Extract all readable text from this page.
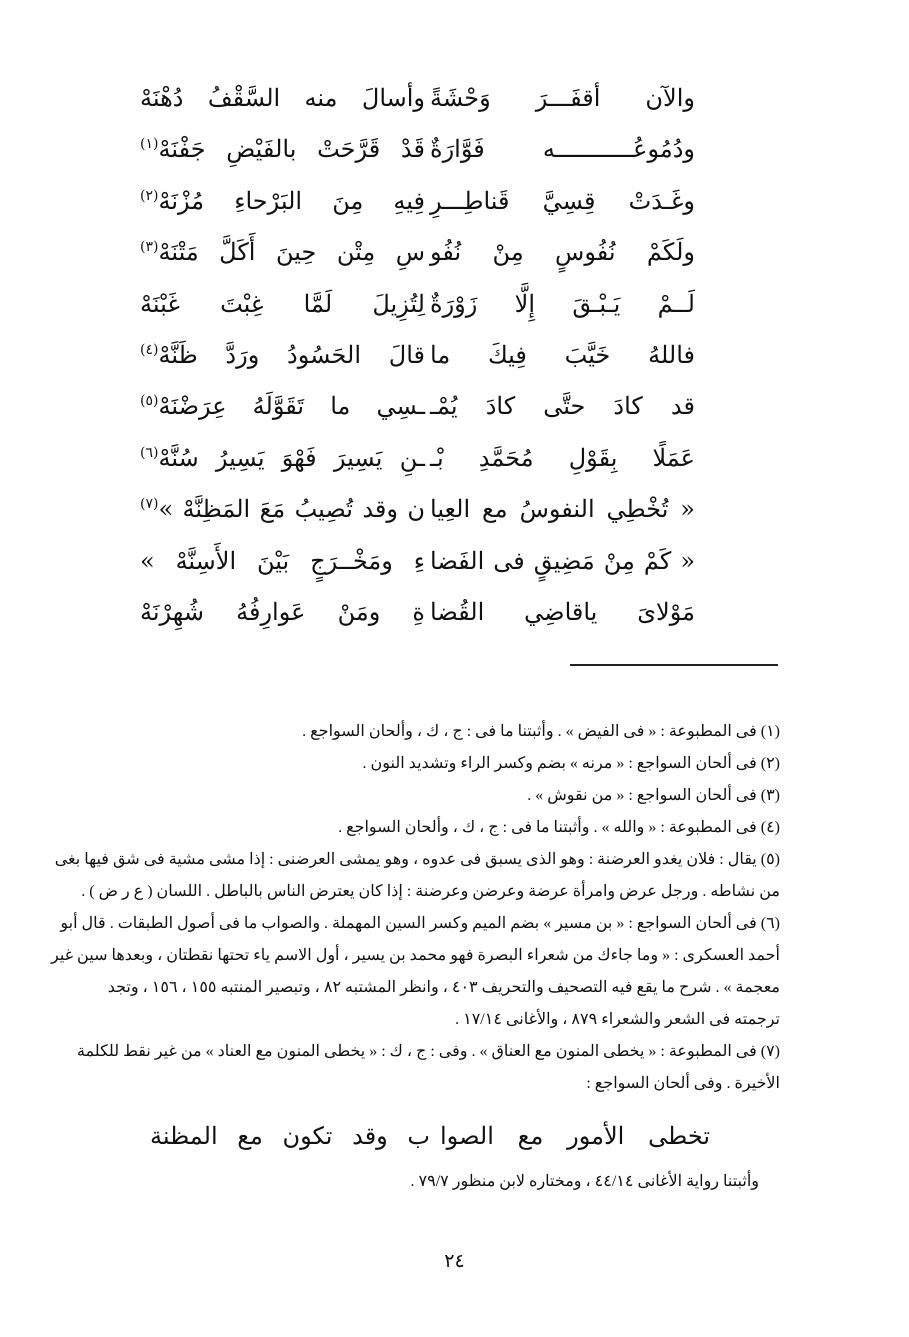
والآن أقفَـــرَ وَحْشَةً
وأسالَ منه السَّقْفُ دُهْنَهْ
ودُمُوعُـــــــــــه فَوَّارَةٌ
قَدْ قَرَّحَتْ بالفَيْضِ جَفْنَهْ$^{(١)}$
وغَـدَتْ قِسِيَّ قَناطِـــرِ
فِيهِ مِنَ البَرْحاءِ مُزْنَهْ$^{(٢)}$
ولَكَمْ نُفُوسٍ مِنْ نُفُو
سِ مِتْن حِينَ أَكَلَّ مَتْنَهْ$^{(٣)}$
لَــمْ يَـبْـقَ إِلَّا زَوْرَةٌ
لِتُزِيلَ لَمَّا غِبْتَ غَبْنَهْ
فاللهُ خَيَّبَ فِيكَ ما
قالَ الحَسُودُ ورَدَّ ظَنَّهْ$^{(٤)}$
قد كادَ حتَّى كادَ يُمْـ
ـسِي ما تَقَوَّلَهُ عِرَضْنَهْ$^{(٥)}$
عَمَلًا بِقَوْلِ مُحَمَّدِ بْـ
ـنِ يَسِيرَ فَهْوَ يَسِيرُ سُنَّهْ$^{(٦)}$
« تُخْطِي النفوسُ مع العِيا
ن وقد تُصِيبُ مَعَ المَظِنَّهْ »$^{(٧)}$
« كَمْ مِنْ مَضِيقٍ فى الفَضا
ءِ ومَخْــرَجٍ بَيْنَ الأَسِنَّهْ »
مَوْلاىَ ياقاضِي القُضا
ةِ ومَنْ عَوارِفُهُ شُهِرْنَهْ
(١) فى المطبوعة : « فى الفيض » . وأثبتنا ما فى : ج ، ك ، وألحان السواجع .
(٢) فى ألحان السواجع : « مرنه » بضم وكسر الراء وتشديد النون .
(٣) فى ألحان السواجع : « من نقوش » .
(٤) فى المطبوعة : « والله » . وأثبتنا ما فى : ج ، ك ، وألحان السواجع .
(٥) يقال : فلان يغدو العرضنة : وهو الذى يسبق فى عدوه ، وهو يمشى العرضنى : إذا مشى مشية فى شق فيها بغى
من نشاطه . ورجل عرض وامرأة عرضة وعرضن وعرضنة : إذا كان يعترض الناس بالباطل . اللسان ( ع ر ض ) .
(٦) فى ألحان السواجع : « بن مسير » بضم الميم وكسر السين المهملة . والصواب ما فى أصول الطبقات . قال أبو
أحمد العسكرى : « وما جاءك من شعراء البصرة فهو محمد بن يسير ، أول الاسم ياء تحتها نقطتان ، وبعدها سين غير
معجمة » . شرح ما يقع فيه التصحيف والتحريف ٤٠٣ ، وانظر المشتبه ٨٢ ، وتبصير المنتبه ١٥٥ ، ١٥٦ ، وتجد
ترجمته فى الشعر والشعراء ٨٧٩ ، والأغانى ١٧/١٤ .
(٧) فى المطبوعة : « يخطى المنون مع العناق » . وفى : ج ، ك : « يخطى المنون مع العناد » من غير نقط للكلمة
الأخيرة . وفى ألحان السواجع :
تخطى الأمور مع الصوا
ب وقد تكون مع المظنة
وأثبتنا رواية الأغانى ٤٤/١٤ ، ومختاره لابن منظور ٧٩/٧ .
٢٤
